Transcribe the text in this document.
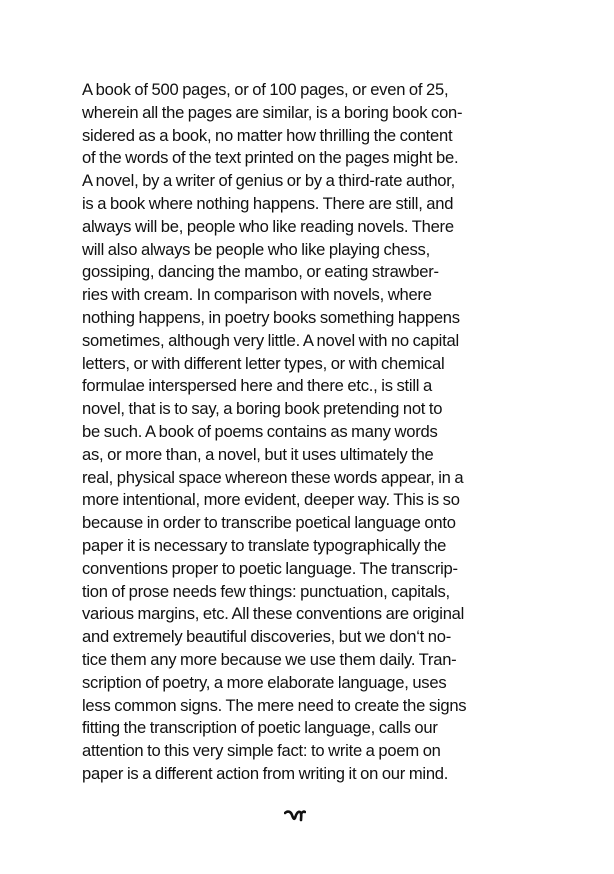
A book of 500 pages, or of 100 pages, or even of 25,
wherein all the pages are similar, is a boring book con-
sidered as a book, no matter how thrilling the content
of the words of the text printed on the pages might be.
A novel, by a writer of genius or by a third-rate author,
is a book where nothing happens. There are still, and
always will be, people who like reading novels. There
will also always be people who like playing chess,
gossiping, dancing the mambo, or eating strawber-
ries with cream. In comparison with novels, where
nothing happens, in poetry books something happens
sometimes, although very little. A novel with no capital
letters, or with different letter types, or with chemical
formulae interspersed here and there etc., is still a
novel, that is to say, a boring book pretending not to
be such. A book of poems contains as many words
as, or more than, a novel, but it uses ultimately the
real, physical space whereon these words appear, in a
more intentional, more evident, deeper way. This is so
because in order to transcribe poetical language onto
paper it is necessary to translate typographically the
conventions proper to poetic language. The transcrip-
tion of prose needs few things: punctuation, capitals,
various margins, etc. All these conventions are original
and extremely beautiful discoveries, but we don‘t no-
tice them any more because we use them daily. Tran-
scription of poetry, a more elaborate language, uses
less common signs. The mere need to create the signs
fitting the transcription of poetic language, calls our
attention to this very simple fact: to write a poem on
paper is a different action from writing it on our mind.
